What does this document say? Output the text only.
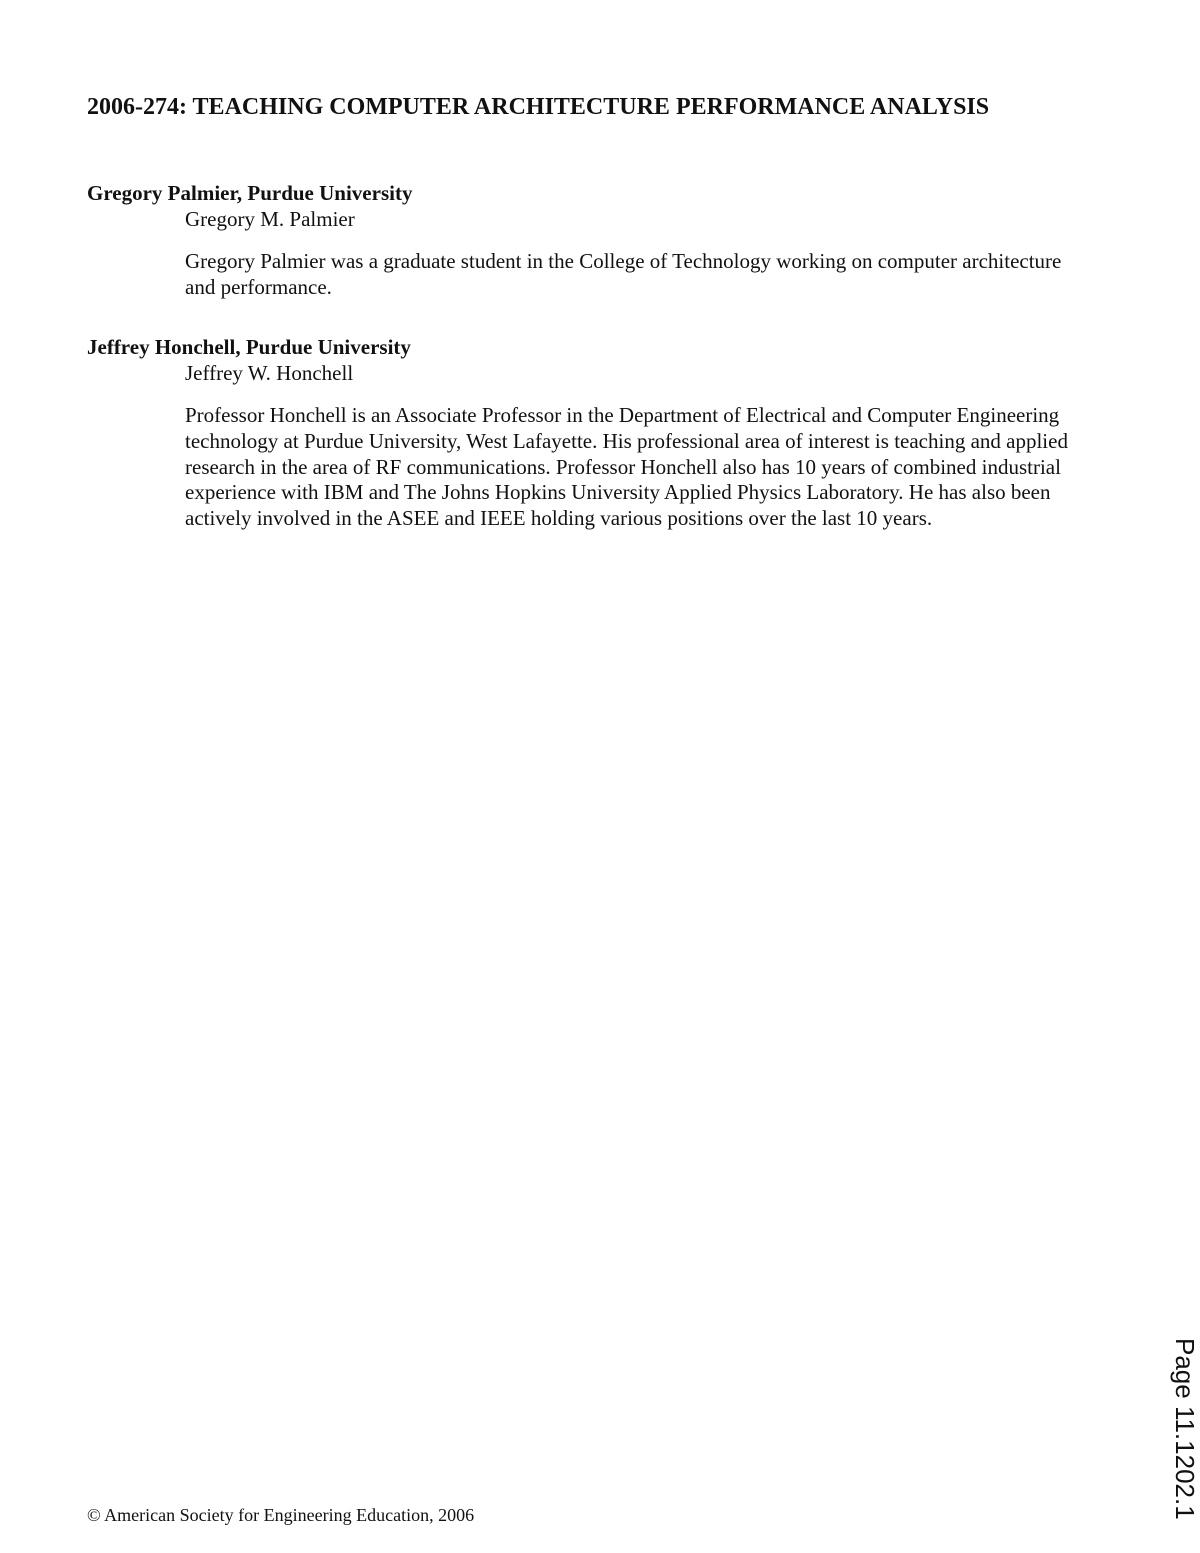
2006-274: TEACHING COMPUTER ARCHITECTURE PERFORMANCE ANALYSIS

Gregory Palmier, Purdue University

Gregory M. Palmier

Gregory Palmier was a graduate student in the College of Technology working on computer architecture and performance.

Jeffrey Honchell, Purdue University

Jeffrey W. Honchell

Professor Honchell is an Associate Professor in the Department of Electrical and Computer Engineering technology at Purdue University, West Lafayette. His professional area of interest is teaching and applied research in the area of RF communications. Professor Honchell also has 10 years of combined industrial experience with IBM and The Johns Hopkins University Applied Physics Laboratory. He has also been actively involved in the ASEE and IEEE holding various positions over the last 10 years.

© American Society for Engineering Education, 2006	Page 11.1202.1
